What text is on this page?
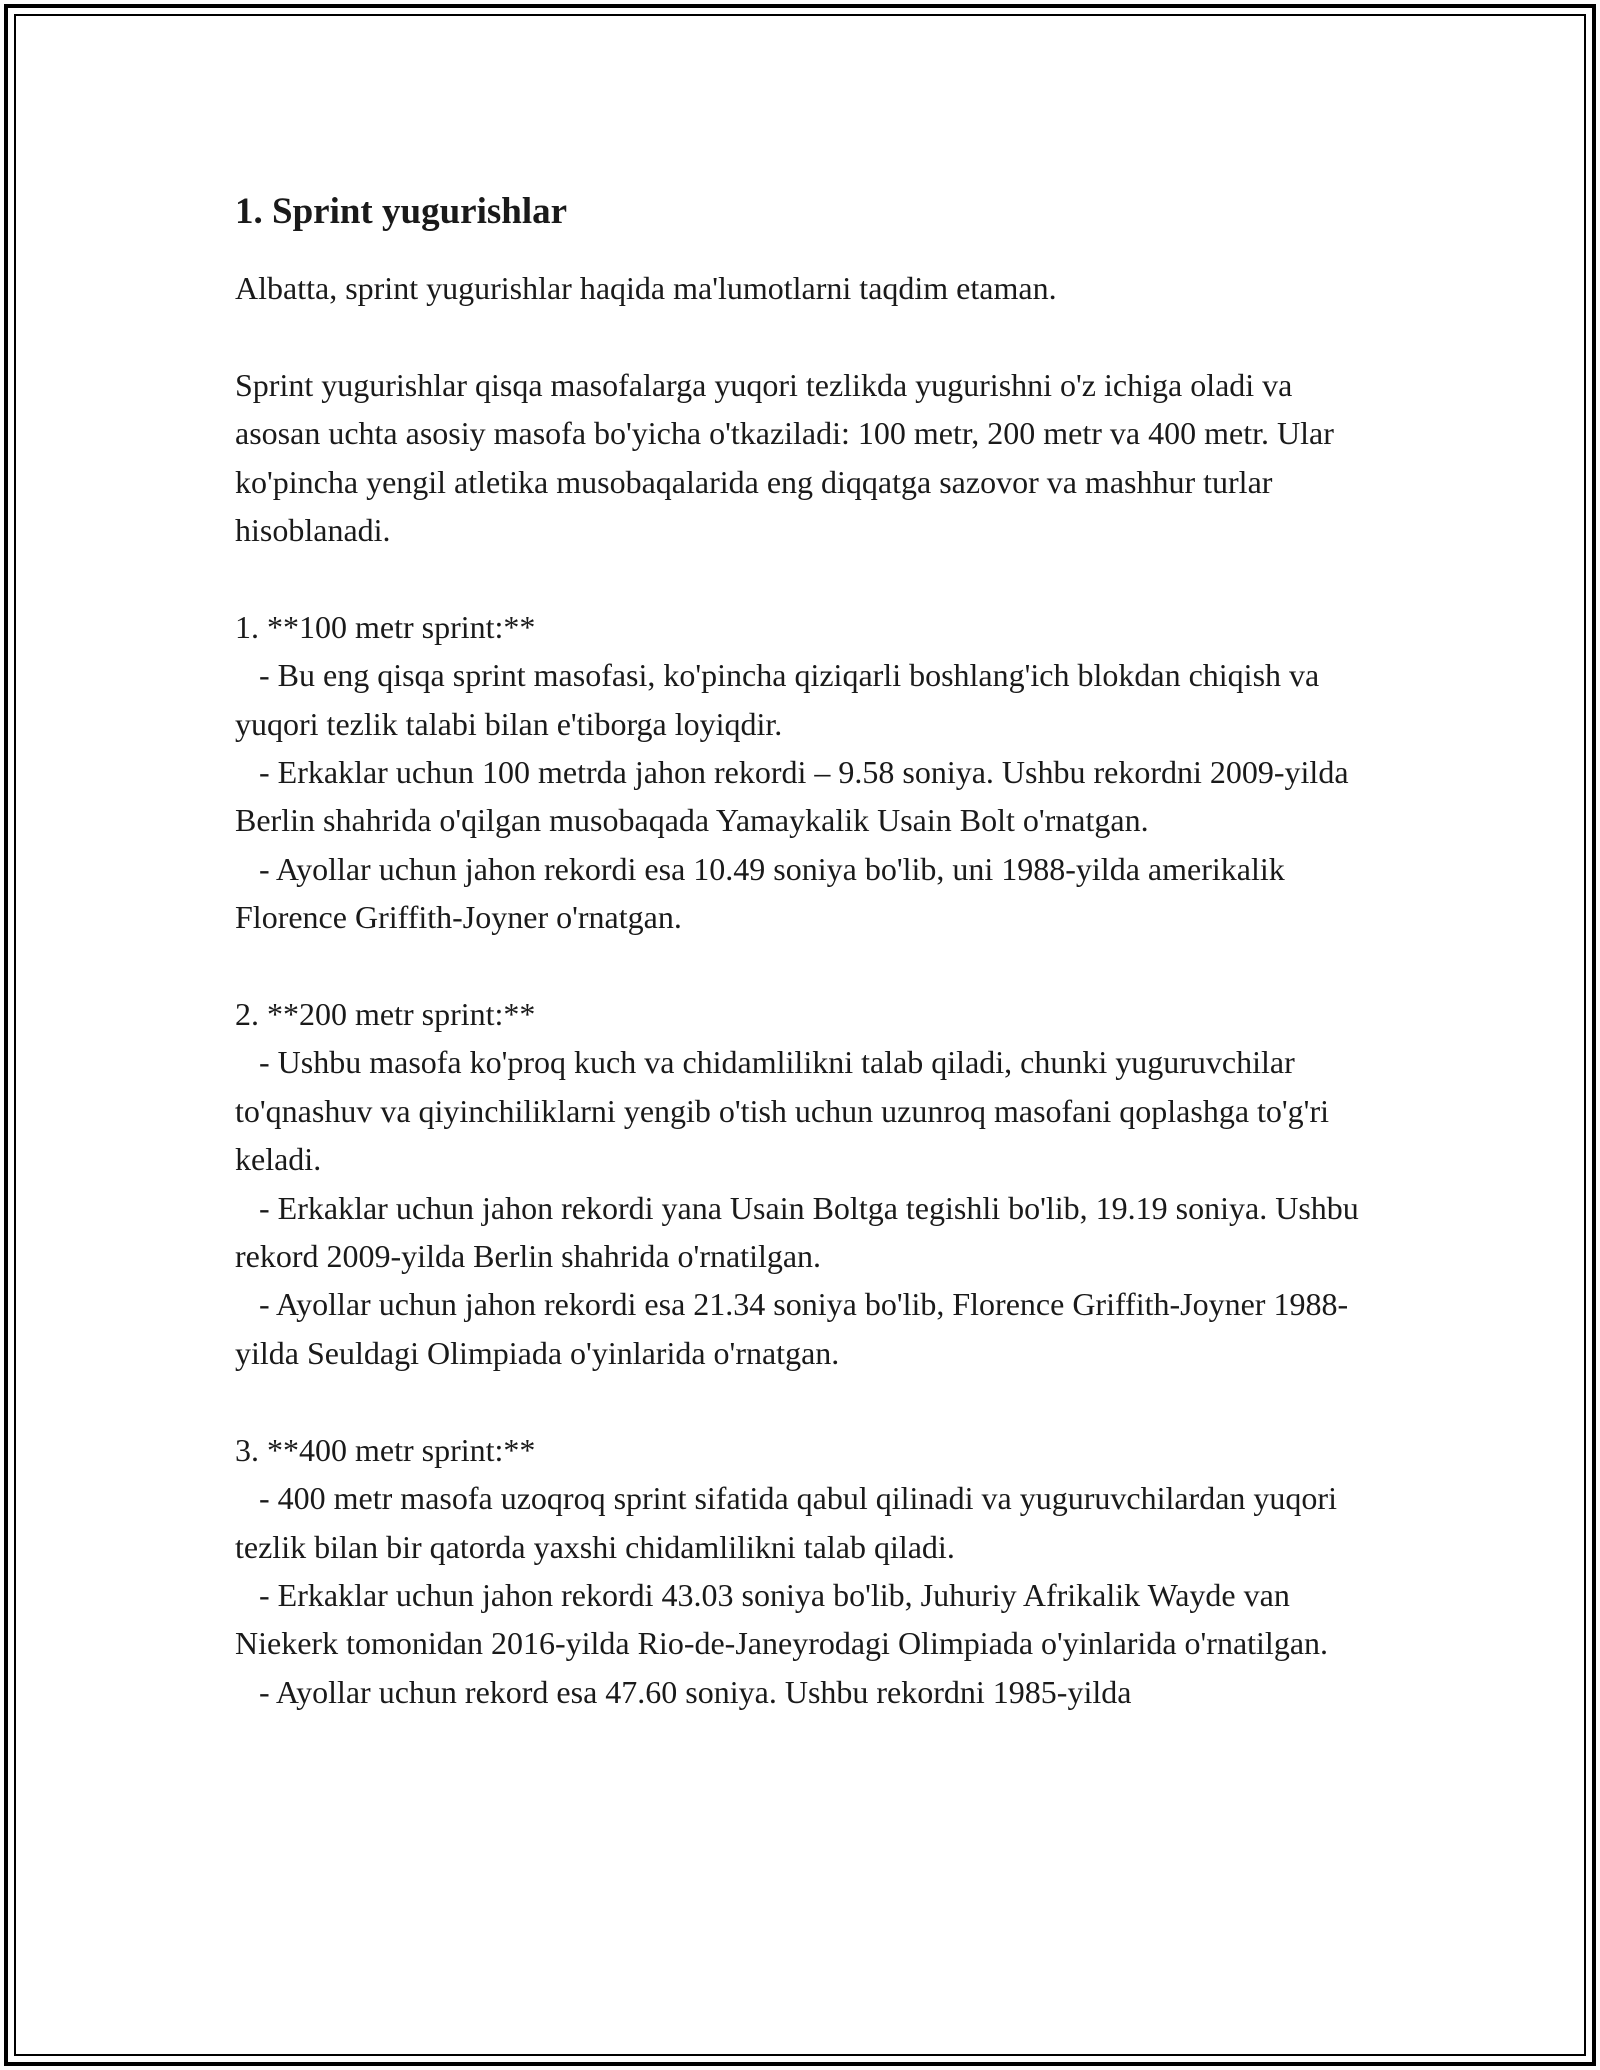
1. Sprint yugurishlar

Albatta, sprint yugurishlar haqida ma'lumotlarni taqdim etaman.

Sprint yugurishlar qisqa masofalarga yuqori tezlikda yugurishni o'z ichiga oladi va asosan uchta asosiy masofa bo'yicha o'tkaziladi: 100 metr, 200 metr va 400 metr. Ular ko'pincha yengil atletika musobaqalarida eng diqqatga sazovor va mashhur turlar hisoblanadi.

1. **100 metr sprint:**

- Bu eng qisqa sprint masofasi, ko'pincha qiziqarli boshlang'ich blokdan chiqish va yuqori tezlik talabi bilan e'tiborga loyiqdir.

- Erkaklar uchun 100 metrda jahon rekordi – 9.58 soniya. Ushbu rekordni 2009-yilda Berlin shahrida o'qilgan musobaqada Yamaykalik Usain Bolt o'rnatgan.

- Ayollar uchun jahon rekordi esa 10.49 soniya bo'lib, uni 1988-yilda amerikalik Florence Griffith-Joyner o'rnatgan.

2. **200 metr sprint:**

- Ushbu masofa ko'proq kuch va chidamlilikni talab qiladi, chunki yuguruvchilar to'qnashuv va qiyinchiliklarni yengib o'tish uchun uzunroq masofani qoplashga to'g'ri keladi.

- Erkaklar uchun jahon rekordi yana Usain Boltga tegishli bo'lib, 19.19 soniya. Ushbu rekord 2009-yilda Berlin shahrida o'rnatilgan.

- Ayollar uchun jahon rekordi esa 21.34 soniya bo'lib, Florence Griffith-Joyner 1988-yilda Seuldagi Olimpiada o'yinlarida o'rnatgan.

3. **400 metr sprint:**

- 400 metr masofa uzoqroq sprint sifatida qabul qilinadi va yuguruvchilardan yuqori tezlik bilan bir qatorda yaxshi chidamlilikni talab qiladi.

- Erkaklar uchun jahon rekordi 43.03 soniya bo'lib, Juhuriy Afrikalik Wayde van Niekerk tomonidan 2016-yilda Rio-de-Janeyrodagi Olimpiada o'yinlarida o'rnatilgan.

- Ayollar uchun rekord esa 47.60 soniya. Ushbu rekordni 1985-yilda
